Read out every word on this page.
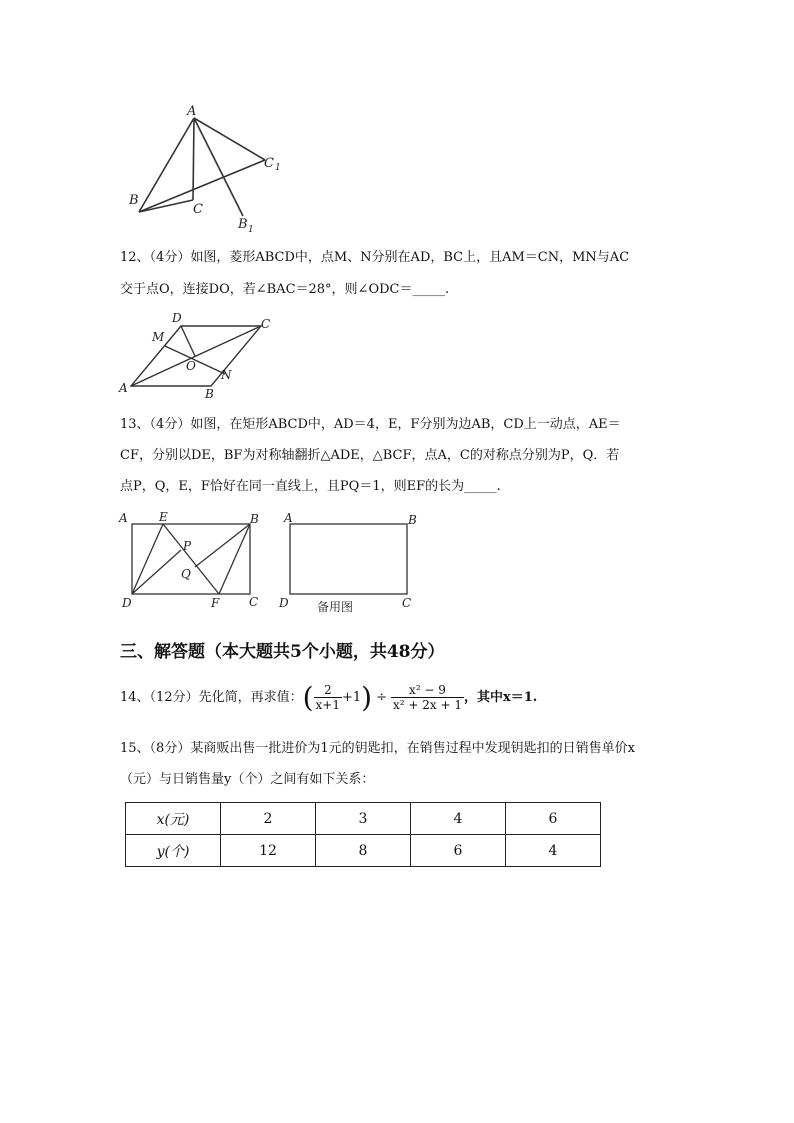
A
B
C
B 1
C 1
12、（4分）如图，菱形ABCD中，点M、N分别在AD，BC上，且AM＝CN，MN与AC
交于点O，连接DO，若∠BAC＝28°，则∠ODC＝_____.
A	B
C
D
M
N
O
13、（4分）如图，在矩形ABCD中，AD＝4，E，F分别为边AB，CD上一动点，AE＝
CF，分别以DE，BF为对称轴翻折△ADE，△BCF，点A，C的对称点分别为P，Q．若
点P，Q，E，F恰好在同一直线上，且PQ＝1，则EF的长为_____.
A	E	B
P
Q
D	F C
A	B
D	C
备用图
三、解答题（本大题共5个小题，共48分）
14、（12分）先化简，再求值： ( $\frac{2}{x+1} +1$ ) ÷ $\frac{\text{x² − 9}}{\text{x² + 2x + 1}}$ ，其中x＝1.
15、（8分）某商贩出售一批进价为1元的钥匙扣，在销售过程中发现钥匙扣的日销售单价x
（元）与日销售量y（个）之间有如下关系：
x(元)	2	3	4	6
y(个)	12	8	6	4
